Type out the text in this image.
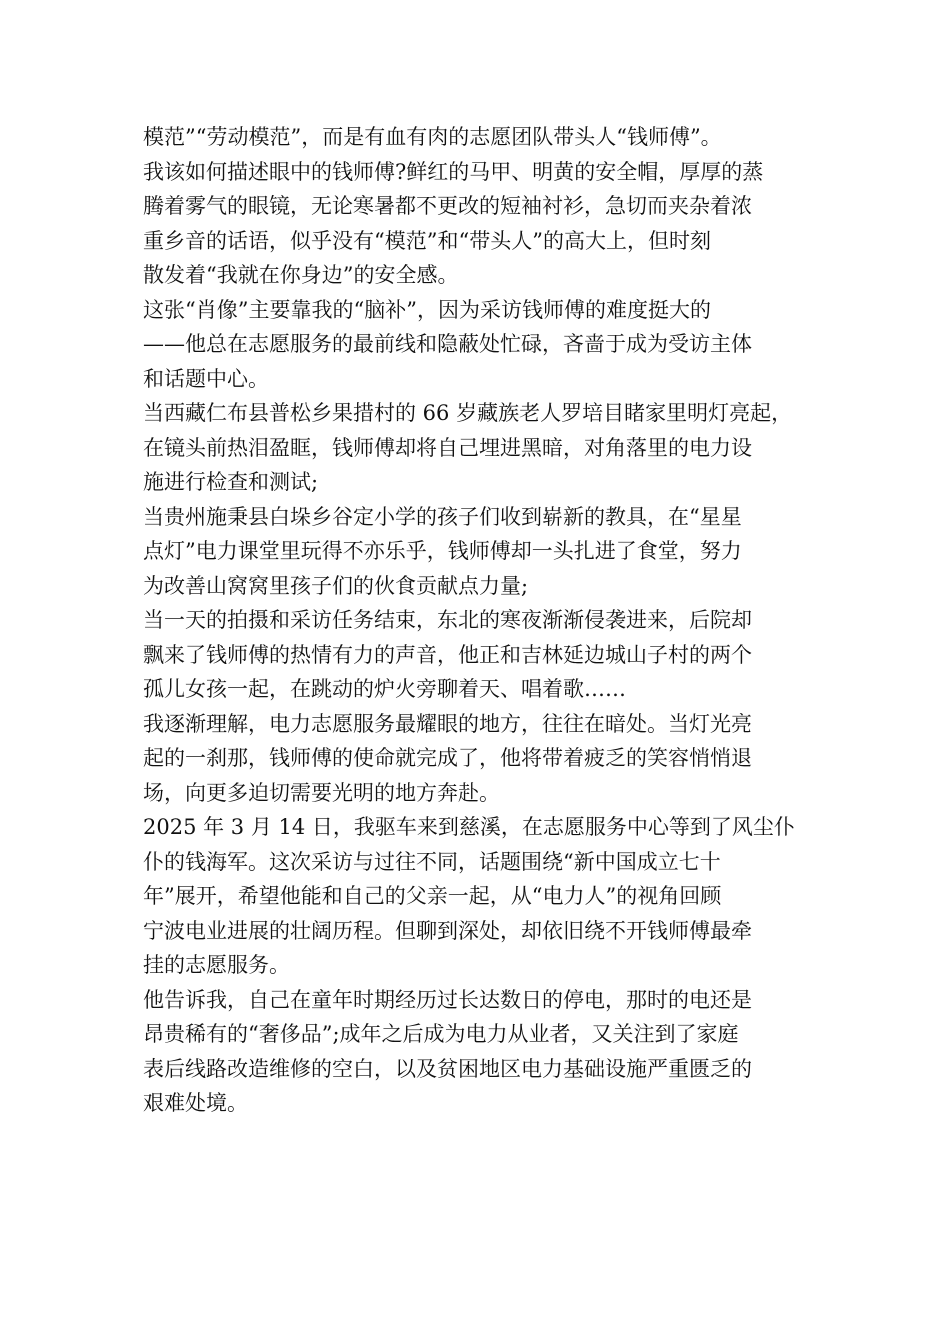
模范”“劳动模范”，而是有血有肉的志愿团队带头人“钱师傅”。

我该如何描述眼中的钱师傅?鲜红的马甲、明黄的安全帽，厚厚的蒸
腾着雾气的眼镜，无论寒暑都不更改的短袖衬衫，急切而夹杂着浓
重乡音的话语，似乎没有“模范”和“带头人”的高大上，但时刻
散发着“我就在你身边”的安全感。

这张“肖像”主要靠我的“脑补”，因为采访钱师傅的难度挺大的
——他总在志愿服务的最前线和隐蔽处忙碌，吝啬于成为受访主体
和话题中心。

当西藏仁布县普松乡果措村的 66 岁藏族老人罗培目睹家里明灯亮起，
在镜头前热泪盈眶，钱师傅却将自己埋进黑暗，对角落里的电力设
施进行检查和测试;

当贵州施秉县白垛乡谷定小学的孩子们收到崭新的教具，在“星星
点灯”电力课堂里玩得不亦乐乎，钱师傅却一头扎进了食堂，努力
为改善山窝窝里孩子们的伙食贡献点力量;

当一天的拍摄和采访任务结束，东北的寒夜渐渐侵袭进来，后院却
飘来了钱师傅的热情有力的声音，他正和吉林延边城山子村的两个
孤儿女孩一起，在跳动的炉火旁聊着天、唱着歌……

我逐渐理解，电力志愿服务最耀眼的地方，往往在暗处。当灯光亮
起的一刹那，钱师傅的使命就完成了，他将带着疲乏的笑容悄悄退
场，向更多迫切需要光明的地方奔赴。

2025 年 3 月 14 日，我驱车来到慈溪，在志愿服务中心等到了风尘仆
仆的钱海军。这次采访与过往不同，话题围绕“新中国成立七十
年”展开，希望他能和自己的父亲一起，从“电力人”的视角回顾
宁波电业进展的壮阔历程。但聊到深处，却依旧绕不开钱师傅最牵
挂的志愿服务。

他告诉我，自己在童年时期经历过长达数日的停电，那时的电还是
昂贵稀有的“奢侈品”;成年之后成为电力从业者，又关注到了家庭
表后线路改造维修的空白，以及贫困地区电力基础设施严重匮乏的
艰难处境。
